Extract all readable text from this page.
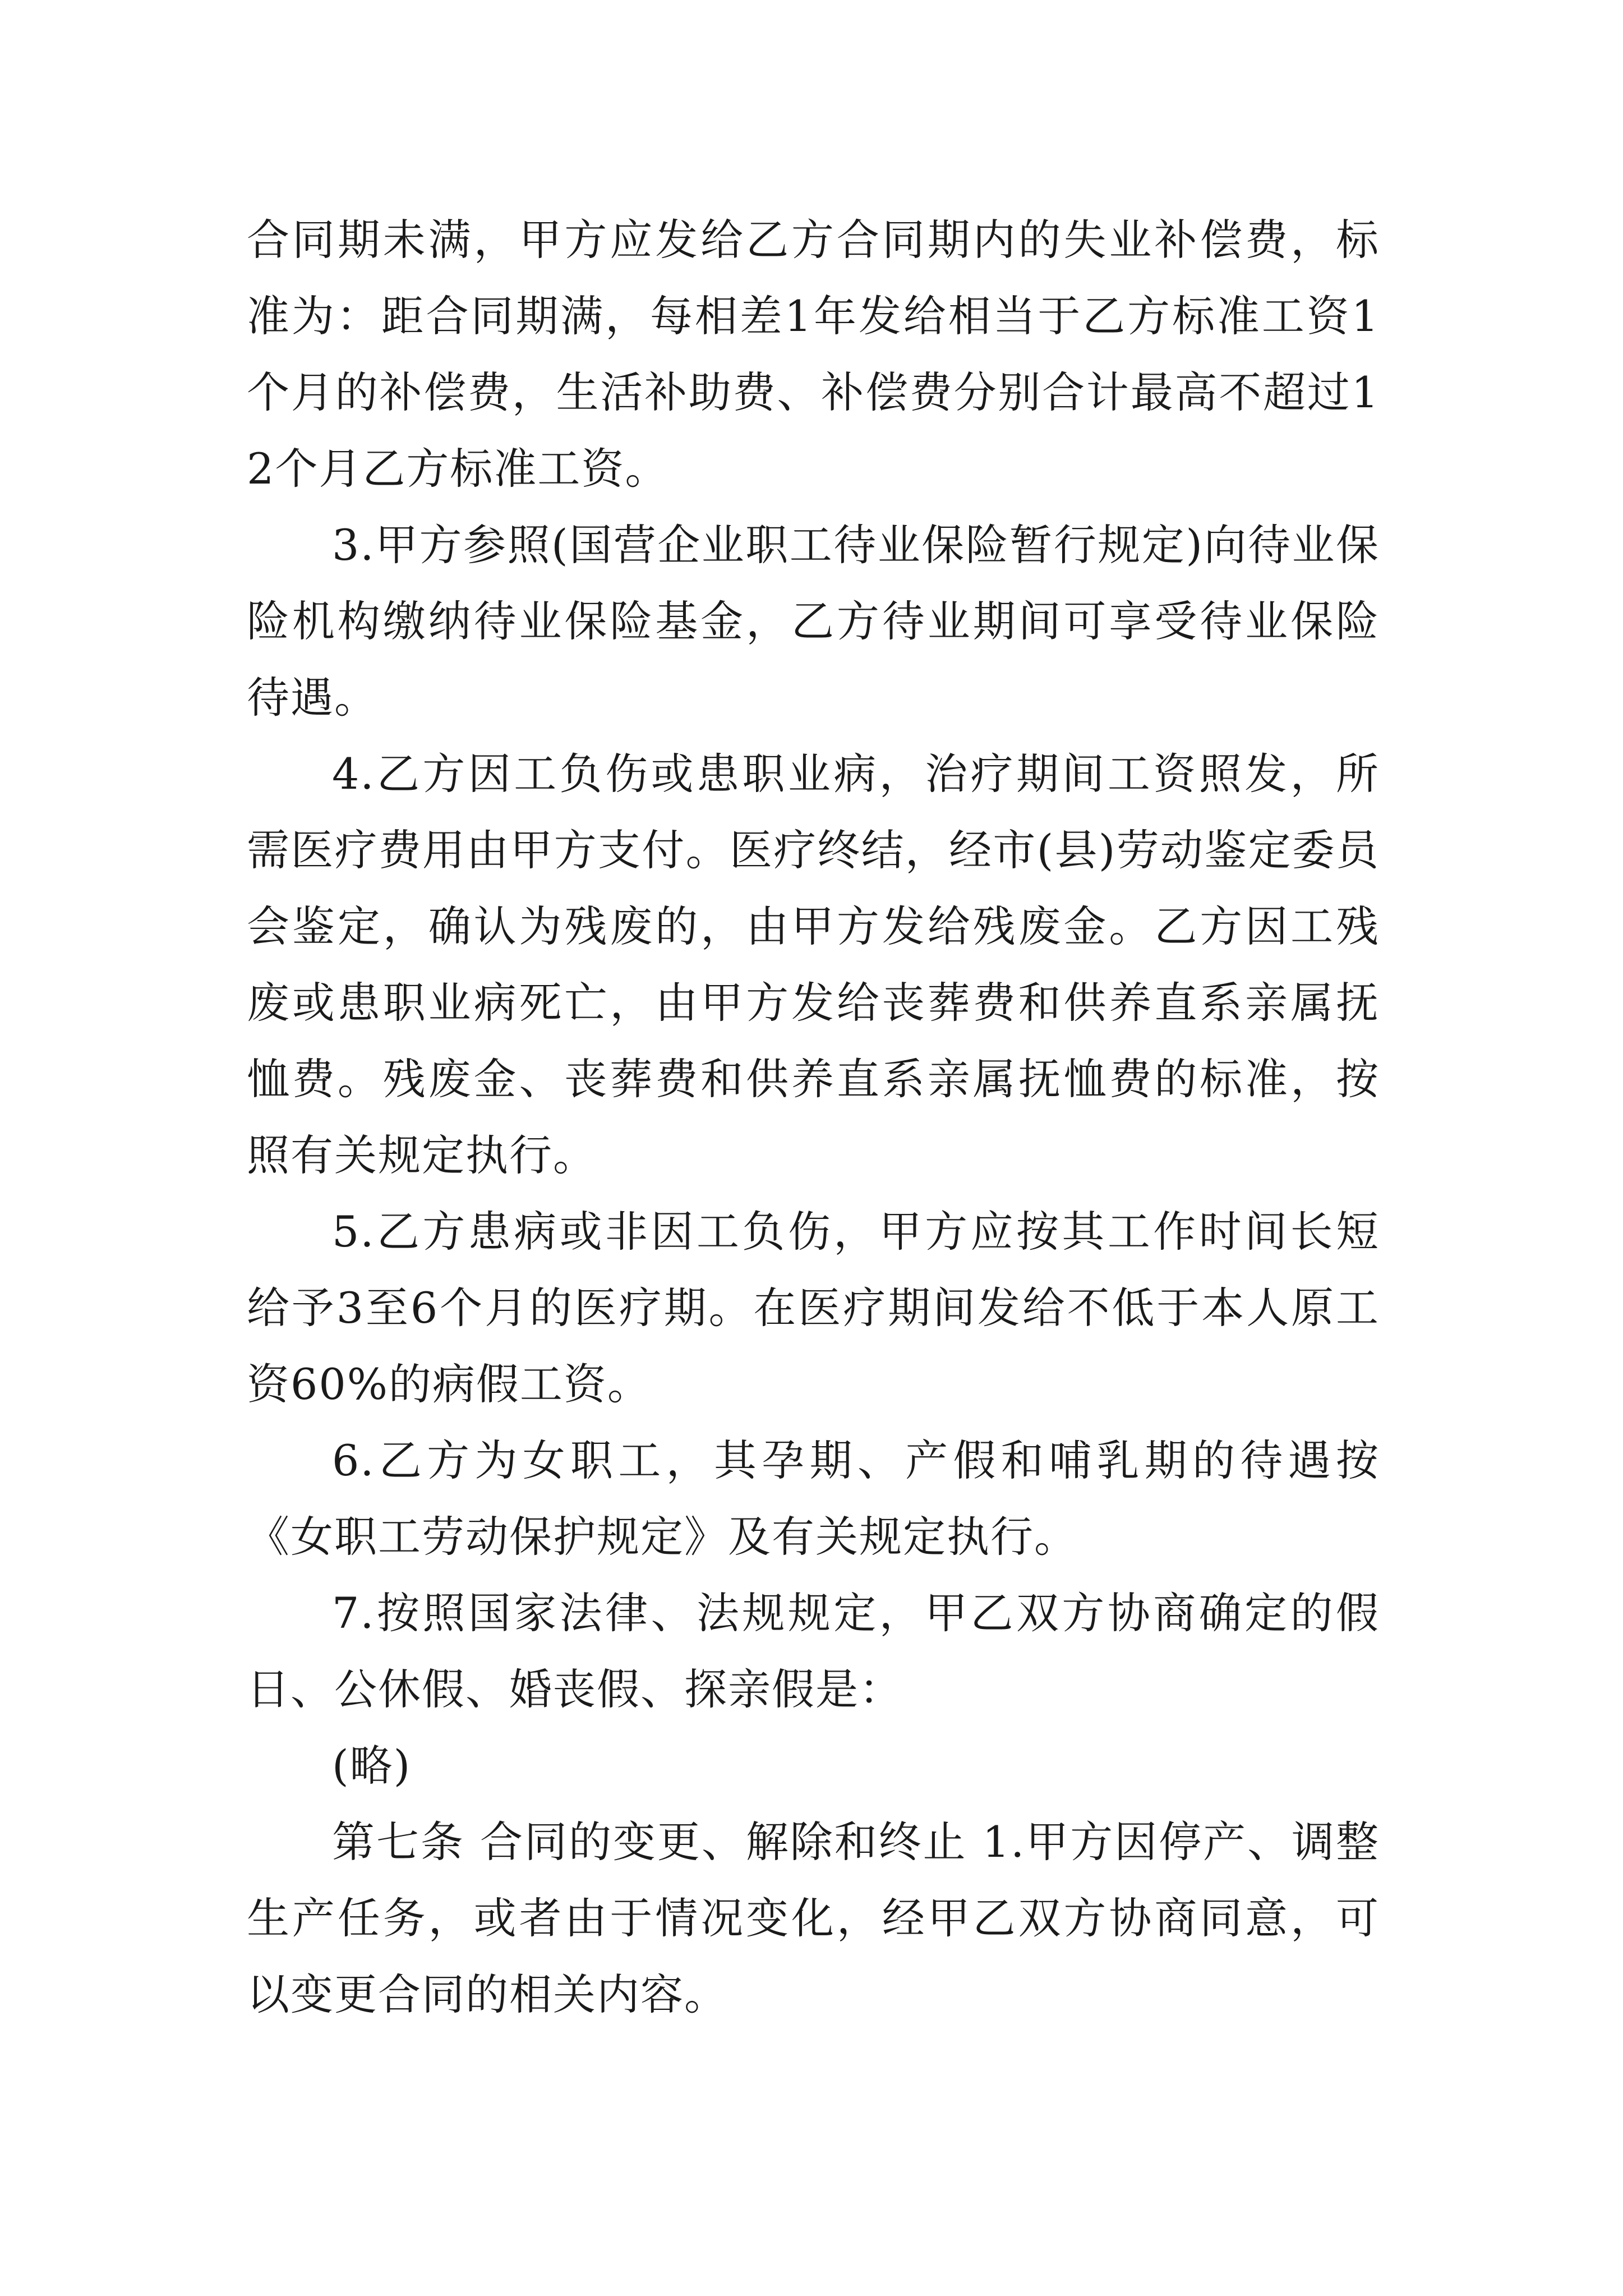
合同期未满，甲方应发给乙方合同期内的失业补偿费，标准为：距合同期满，每相差1年发给相当于乙方标准工资1个月的补偿费，生活补助费、补偿费分别合计最高不超过12个月乙方标准工资。

3.甲方参照(国营企业职工待业保险暂行规定)向待业保险机构缴纳待业保险基金，乙方待业期间可享受待业保险待遇。

4.乙方因工负伤或患职业病，治疗期间工资照发，所需医疗费用由甲方支付。医疗终结，经市(县)劳动鉴定委员会鉴定，确认为残废的，由甲方发给残废金。乙方因工残废或患职业病死亡，由甲方发给丧葬费和供养直系亲属抚恤费。残废金、丧葬费和供养直系亲属抚恤费的标准，按照有关规定执行。

5.乙方患病或非因工负伤，甲方应按其工作时间长短给予3至6个月的医疗期。在医疗期间发给不低于本人原工资60%的病假工资。

6.乙方为女职工，其孕期、产假和哺乳期的待遇按《女职工劳动保护规定》及有关规定执行。

7.按照国家法律、法规规定，甲乙双方协商确定的假日、公休假、婚丧假、探亲假是：

(略)

第七条 合同的变更、解除和终止 1.甲方因停产、调整生产任务，或者由于情况变化，经甲乙双方协商同意，可以变更合同的相关内容。
